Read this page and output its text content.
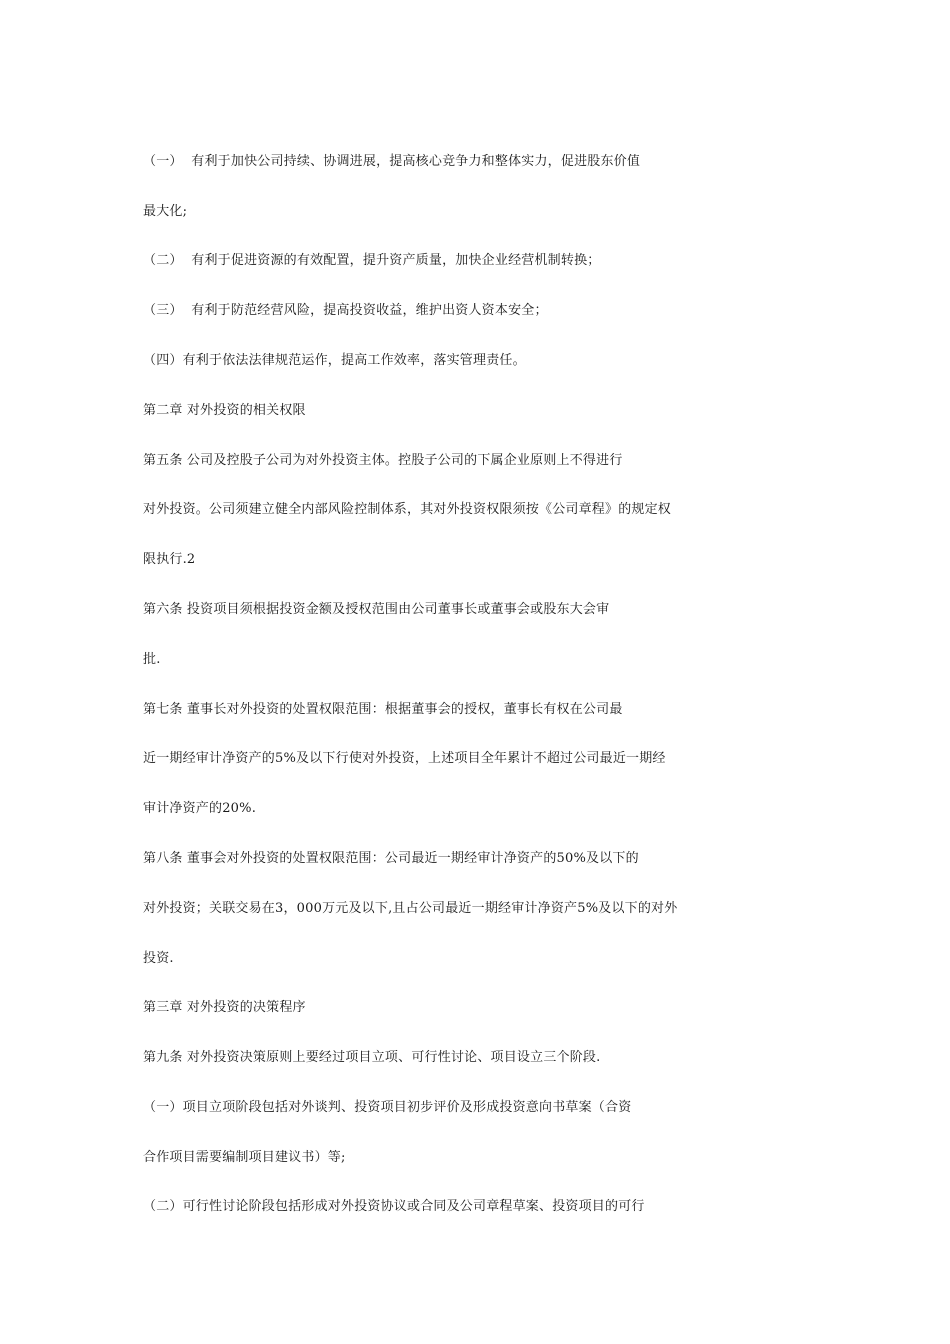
（一）  有利于加快公司持续、协调进展，提高核心竞争力和整体实力，促进股东价值
最大化;
（二）  有利于促进资源的有效配置，提升资产质量，加快企业经营机制转换；
（三）  有利于防范经营风险，提高投资收益，维护出资人资本安全；
（四）有利于依法法律规范运作，提高工作效率，落实管理责任。
第二章 对外投资的相关权限
第五条 公司及控股子公司为对外投资主体。控股子公司的下属企业原则上不得进行
对外投资。公司须建立健全内部风险控制体系，其对外投资权限须按《公司章程》的规定权
限执行.2
第六条 投资项目须根据投资金额及授权范围由公司董事长或董事会或股东大会审
批.
第七条 董事长对外投资的处置权限范围：根据董事会的授权，董事长有权在公司最
近一期经审计净资产的5%及以下行使对外投资，上述项目全年累计不超过公司最近一期经
审计净资产的20%.
第八条 董事会对外投资的处置权限范围：公司最近一期经审计净资产的50%及以下的
对外投资；关联交易在3，000万元及以下,且占公司最近一期经审计净资产5%及以下的对外
投资.
第三章 对外投资的决策程序
第九条 对外投资决策原则上要经过项目立项、可行性讨论、项目设立三个阶段.
（一）项目立项阶段包括对外谈判、投资项目初步评价及形成投资意向书草案（合资
合作项目需要编制项目建议书）等;
（二）可行性讨论阶段包括形成对外投资协议或合同及公司章程草案、投资项目的可行
